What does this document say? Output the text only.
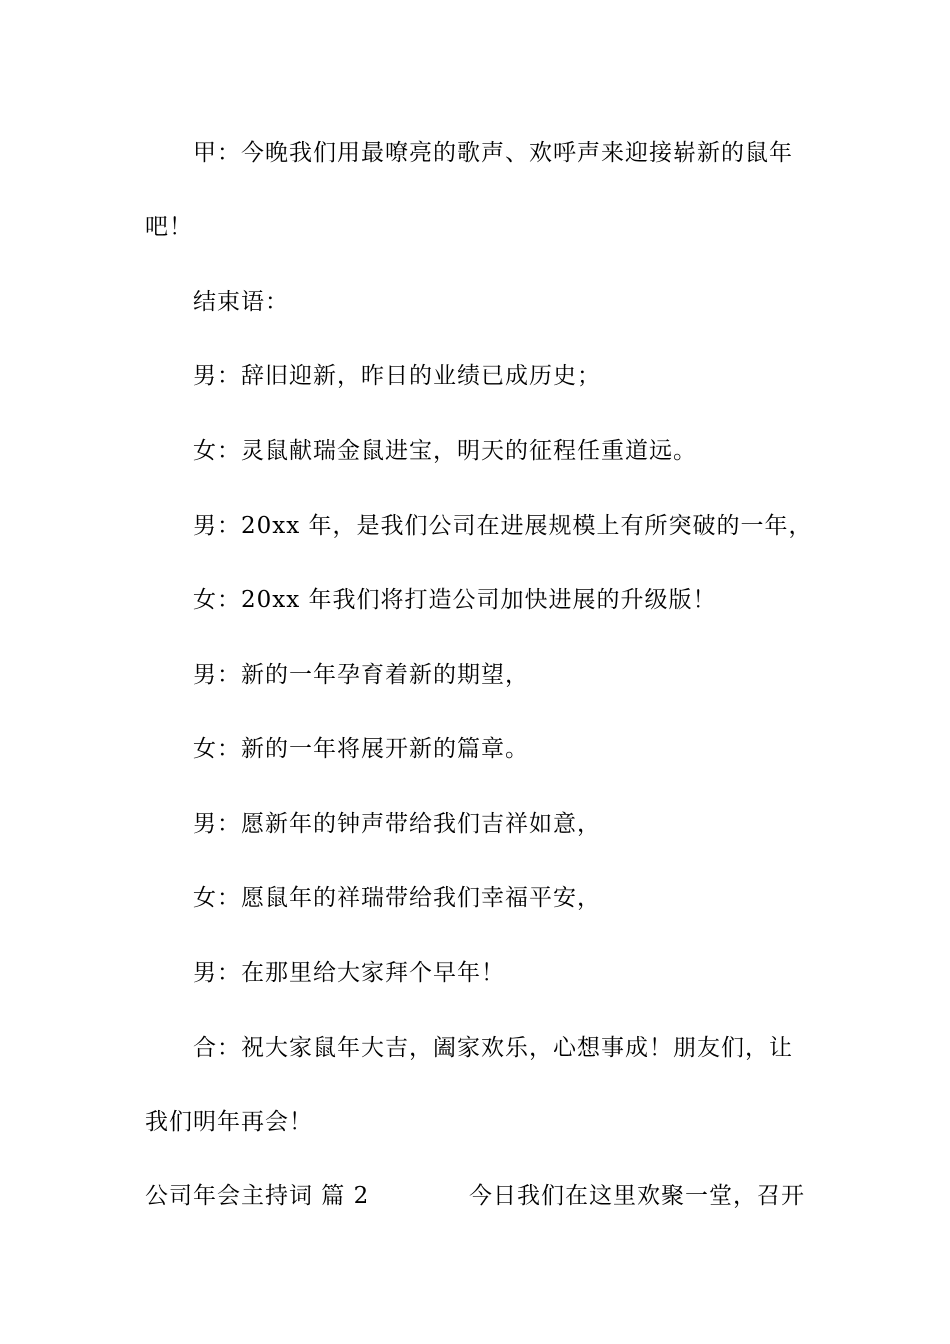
甲：今晚我们用最嘹亮的歌声、欢呼声来迎接崭新的鼠年
吧！
结束语：
男：辞旧迎新，昨日的业绩已成历史；
女：灵鼠献瑞金鼠进宝，明天的征程任重道远。
男：20xx 年，是我们公司在进展规模上有所突破的一年，
女：20xx 年我们将打造公司加快进展的升级版！
男：新的一年孕育着新的期望，
女：新的一年将展开新的篇章。
男：愿新年的钟声带给我们吉祥如意，
女：愿鼠年的祥瑞带给我们幸福平安，
男：在那里给大家拜个早年！
合：祝大家鼠年大吉，阖家欢乐，心想事成！朋友们，让
我们明年再会！
公司年会主持词 篇 2	今日我们在这里欢聚一堂，召开
